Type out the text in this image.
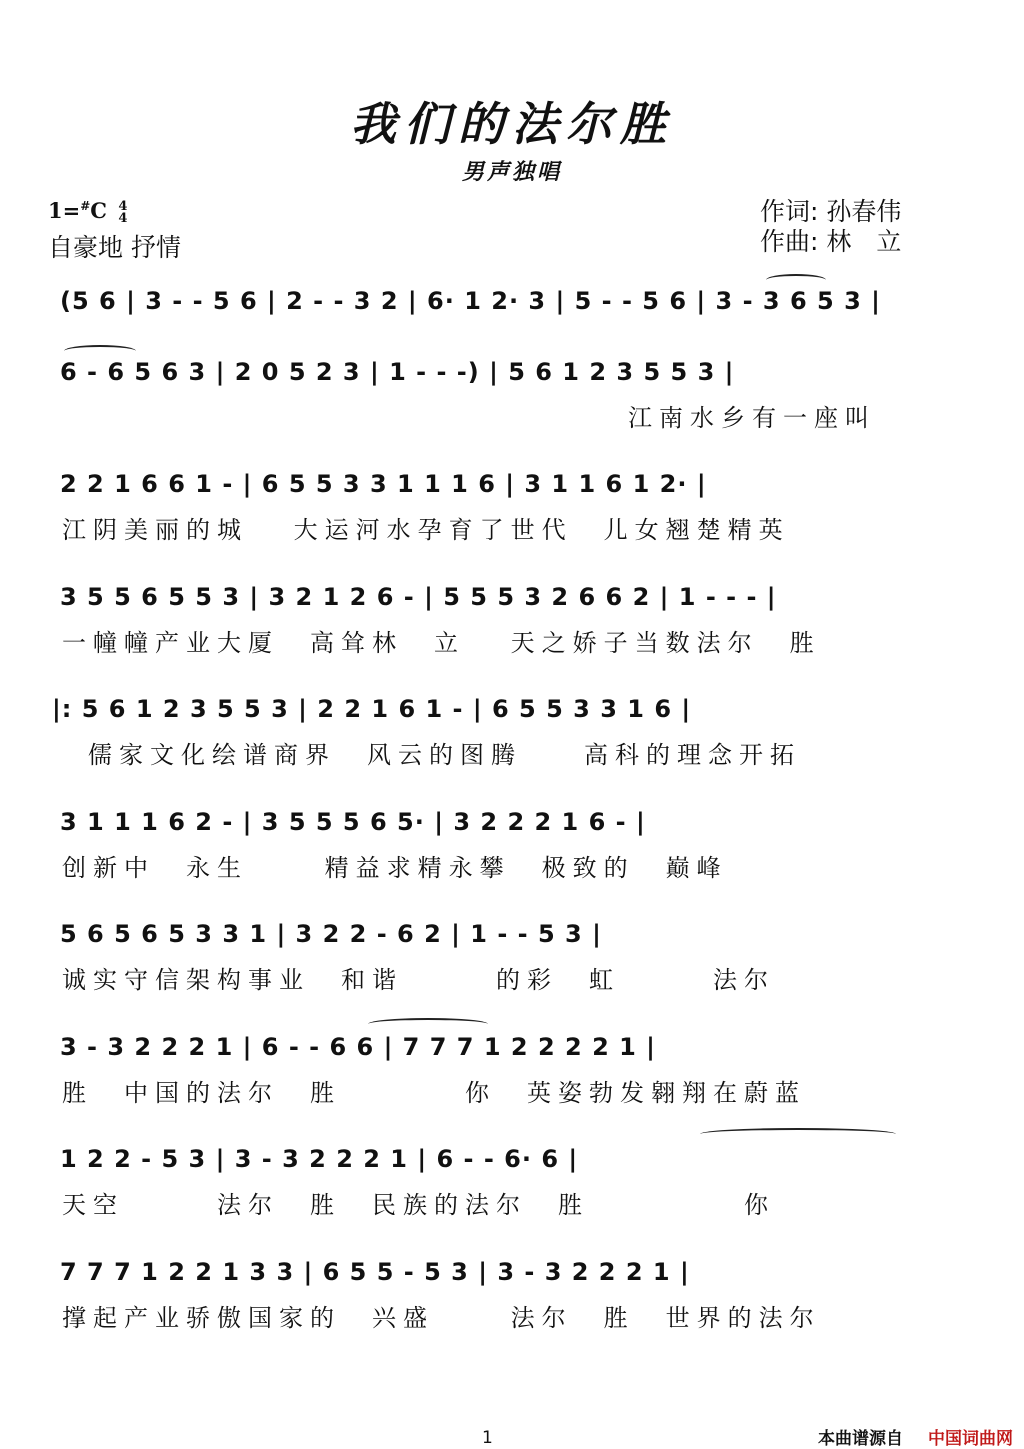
我们的法尔胜
男声独唱
1=#C 4
4
自豪地 抒情
作词: 孙春伟
作曲: 林　立
(5 6 | 3 - - 5 6 | 2 - - 3 2 | 6· 1 2· 3 | 5 - - 5 6 | 3 - 3 6 5 3 |
6 - 6 5 6 3 | 2 0 5 2 3 | 1 - - -) | 5 6 1 2 3 5 5 3 |
江南水乡有一座叫
2 2 1 6 6 1 - | 6 5 5 3 3 1 1 1 6 | 3 1 1 6 1 2· |
江阴美丽的城　 大运河水孕育了世代　儿女翘楚精英
3 5 5 6 5 5 3 | 3 2 1 2 6 - | 5 5 5 3 2 6 6 2 | 1 - - - |
一幢幢产业大厦　高耸林　立　 天之娇子当数法尔　胜
|: 5 6 1 2 3 5 5 3 | 2 2 1 6 1 - | 6 5 5 3 3 1 6 |
儒家文化绘谱商界　风云的图腾　　高科的理念开拓
3 1 1 1 6 2 - | 3 5 5 5 6 5· | 3 2 2 2 1 6 - |
创新中　永生　　 精益求精永攀　极致的　巅峰
5 6 5 6 5 3 3 1 | 3 2 2 - 6 2 | 1 - - 5 3 |
诚实守信架构事业　和谐　　　的彩　虹　　　法尔
3 - 3 2 2 2 1 | 6 - - 6 6 | 7 7 7 1 2 2 2 2 1 |
胜　中国的法尔　胜　　　　你　英姿勃发翱翔在蔚蓝
1 2 2 - 5 3 | 3 - 3 2 2 2 1 | 6 - - 6· 6 |
天空　　　法尔　胜　民族的法尔　胜　　　　　你
7 7 7 1 2 2 1 3 3 | 6 5 5 - 5 3 | 3 - 3 2 2 2 1 |
撑起产业骄傲国家的　兴盛　　 法尔　胜　世界的法尔
1	本曲谱源自 中国词曲网
